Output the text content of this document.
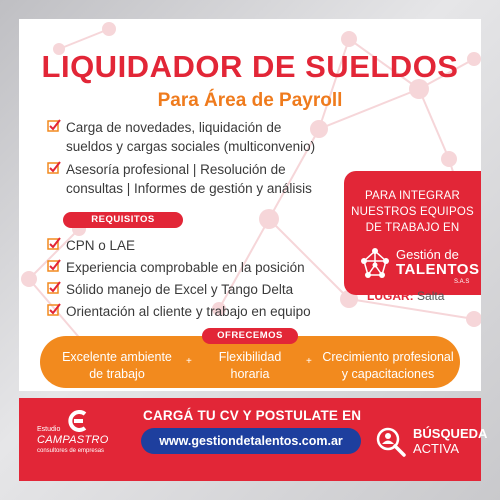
LIQUIDADOR DE SUELDOS
Para Área de Payroll
Carga de novedades, liquidación de
sueldos y cargas sociales (multiconvenio)
Asesoría profesional | Resolución de
consultas | Informes de gestión y análisis
REQUISITOS
CPN o LAE
Experiencia comprobable en la posición
Sólido manejo de Excel y Tango Delta
Orientación al cliente y trabajo en equipo
PARA INTEGRAR
NUESTROS EQUIPOS
DE TRABAJO EN
Gestión de
TALENTOS
S.A.S
LUGAR: Salta
OFRECEMOS
Excelente ambiente
de trabajo
+	Flexibilidad
horaria
+ Crecimiento profesional
y capacitaciones
Estudio
CAMPASTRO
consultores de empresas
CARGÁ TU CV Y POSTULATE EN
www.gestiondetalentos.com.ar	BÚSQUEDA
ACTIVA
